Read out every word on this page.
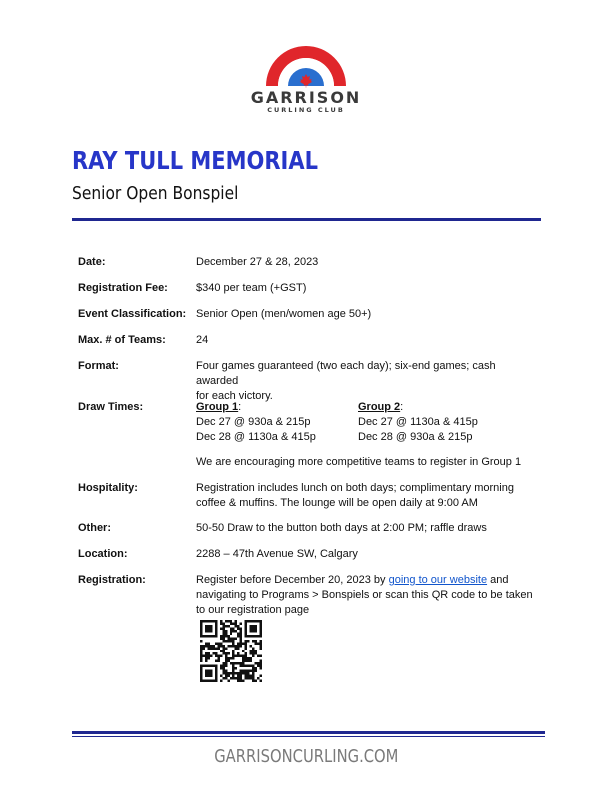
GARRISON
CURLING CLUB
RAY TULL MEMORIAL
Senior Open Bonspiel
Date:	December 27 & 28, 2023
Registration Fee:	$340 per team (+GST)
Event Classification: Senior Open (men/women age 50+)
Max. # of Teams:	24
Format:	Four games guaranteed (two each day); six-end games; cash awarded
for each victory.
Draw Times:	Group 1:
Dec 27 @ 930a & 215p
Dec 28 @ 1130a & 415p
Group 2:
Dec 27 @ 1130a & 415p
Dec 28 @ 930a & 215p
We are encouraging more competitive teams to register in Group 1
Hospitality:	Registration includes lunch on both days; complimentary morning
coffee & muffins. The lounge will be open daily at 9:00 AM
Other:	50-50 Draw to the button both days at 2:00 PM; raffle draws
Location:	2288 – 47th Avenue SW, Calgary
Registration:	Register before December 20, 2023 by going to our website and
navigating to Programs > Bonspiels or scan this QR code to be taken
to our registration page
GARRISONCURLING.COM
